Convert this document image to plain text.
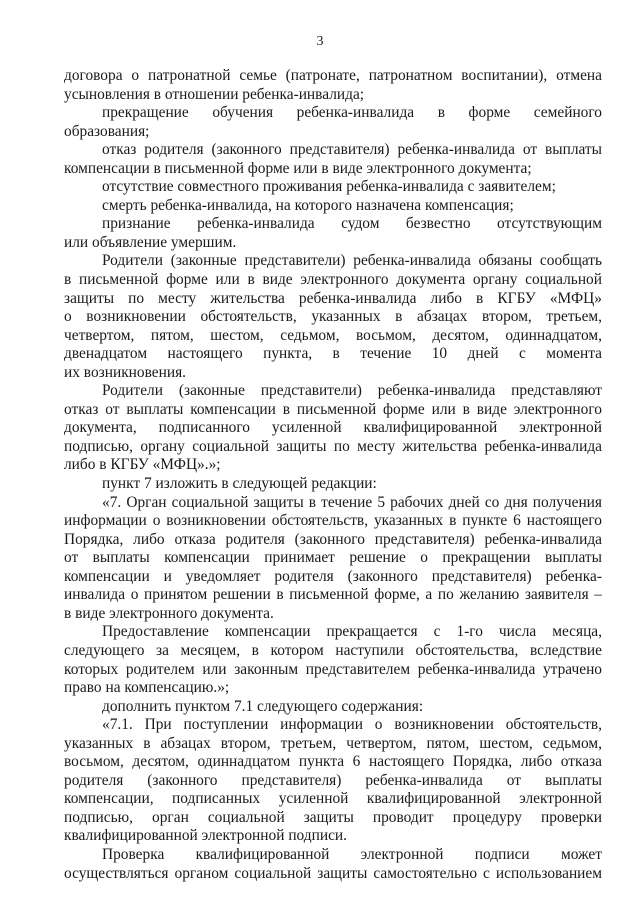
3
договора о патронатной семье (патронате, патронатном воспитании), отмена
усыновления в отношении ребенка-инвалида;
прекращение обучения ребенка-инвалида в форме семейного
образования;
отказ родителя (законного представителя) ребенка-инвалида от выплаты
компенсации в письменной форме или в виде электронного документа;
отсутствие совместного проживания ребенка-инвалида с заявителем;
смерть ребенка-инвалида, на которого назначена компенсация;
признание ребенка-инвалида судом безвестно отсутствующим
или объявление умершим.
Родители (законные представители) ребенка-инвалида обязаны сообщать
в письменной форме или в виде электронного документа органу социальной
защиты по месту жительства ребенка-инвалида либо в КГБУ «МФЦ»
о возникновении обстоятельств, указанных в абзацах втором, третьем,
четвертом, пятом, шестом, седьмом, восьмом, десятом, одиннадцатом,
двенадцатом настоящего пункта, в течение 10 дней с момента
их возникновения.
Родители (законные представители) ребенка-инвалида представляют
отказ от выплаты компенсации в письменной форме или в виде электронного
документа, подписанного усиленной квалифицированной электронной
подписью, органу социальной защиты по месту жительства ребенка-инвалида
либо в КГБУ «МФЦ».»;
пункт 7 изложить в следующей редакции:
«7. Орган социальной защиты в течение 5 рабочих дней со дня получения
информации о возникновении обстоятельств, указанных в пункте 6 настоящего
Порядка, либо отказа родителя (законного представителя) ребенка-инвалида
от выплаты компенсации принимает решение о прекращении выплаты
компенсации и уведомляет родителя (законного представителя) ребенка-
инвалида о принятом решении в письменной форме, а по желанию заявителя –
в виде электронного документа.
Предоставление компенсации прекращается с 1-го числа месяца,
следующего за месяцем, в котором наступили обстоятельства, вследствие
которых родителем или законным представителем ребенка-инвалида утрачено
право на компенсацию.»;
дополнить пунктом 7.1 следующего содержания:
«7.1. При поступлении информации о возникновении обстоятельств,
указанных в абзацах втором, третьем, четвертом, пятом, шестом, седьмом,
восьмом, десятом, одиннадцатом пункта 6 настоящего Порядка, либо отказа
родителя (законного представителя) ребенка-инвалида от выплаты
компенсации, подписанных усиленной квалифицированной электронной
подписью, орган социальной защиты проводит процедуру проверки
квалифицированной электронной подписи.
Проверка квалифицированной электронной подписи может
осуществляться органом социальной защиты самостоятельно с использованием
